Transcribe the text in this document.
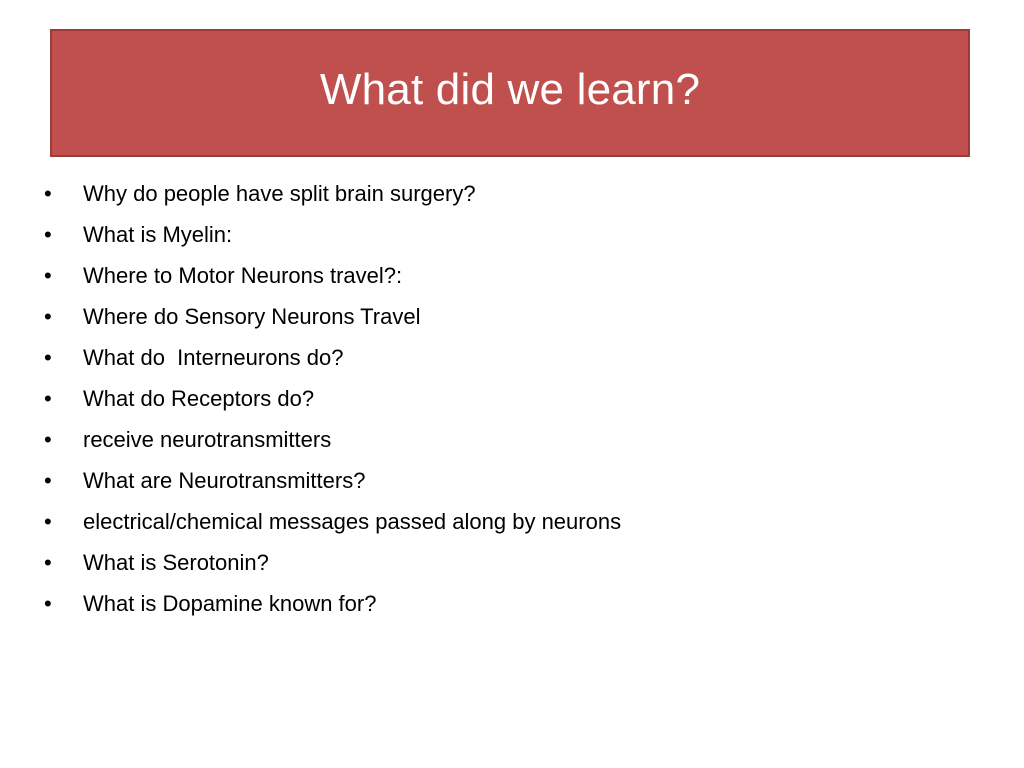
What did we learn?
• Why do people have split brain surgery?
• What is Myelin:
• Where to Motor Neurons travel?:
• Where do Sensory Neurons Travel
• What do  Interneurons do?
• What do Receptors do?
• receive neurotransmitters
• What are Neurotransmitters?
• electrical/chemical messages passed along by neurons
• What is Serotonin?
• What is Dopamine known for?
